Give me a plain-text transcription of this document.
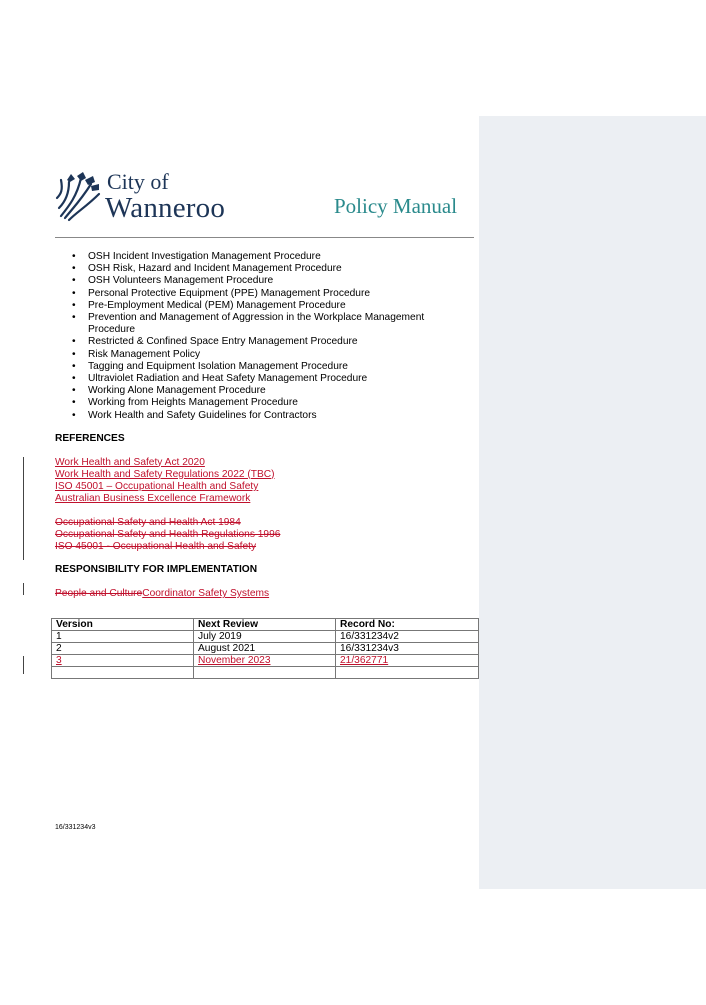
City of
Wanneroo	Policy Manual
• OSH Incident Investigation Management Procedure
• OSH Risk, Hazard and Incident Management Procedure
• OSH Volunteers Management Procedure
• Personal Protective Equipment (PPE) Management Procedure
• Pre-Employment Medical (PEM) Management Procedure
• Prevention and Management of Aggression in the Workplace Management Procedure
• Restricted & Confined Space Entry Management Procedure
• Risk Management Policy
• Tagging and Equipment Isolation Management Procedure
• Ultraviolet Radiation and Heat Safety Management Procedure
• Working Alone Management Procedure
• Working from Heights Management Procedure
• Work Health and Safety Guidelines for Contractors
REFERENCES
Work Health and Safety Act 2020
Work Health and Safety Regulations 2022 (TBC)
ISO 45001 – Occupational Health and Safety
Australian Business Excellence Framework
Occupational Safety and Health Act 1984
Occupational Safety and Health Regulations 1996
ISO 45001 - Occupational Health and Safety
RESPONSIBILITY FOR IMPLEMENTATION
People and CultureCoordinator Safety Systems
Version	Next Review	Record No:
1	July 2019	16/331234v2
2	August 2021	16/331234v3
3	November 2023	21/362771

16/331234v3
